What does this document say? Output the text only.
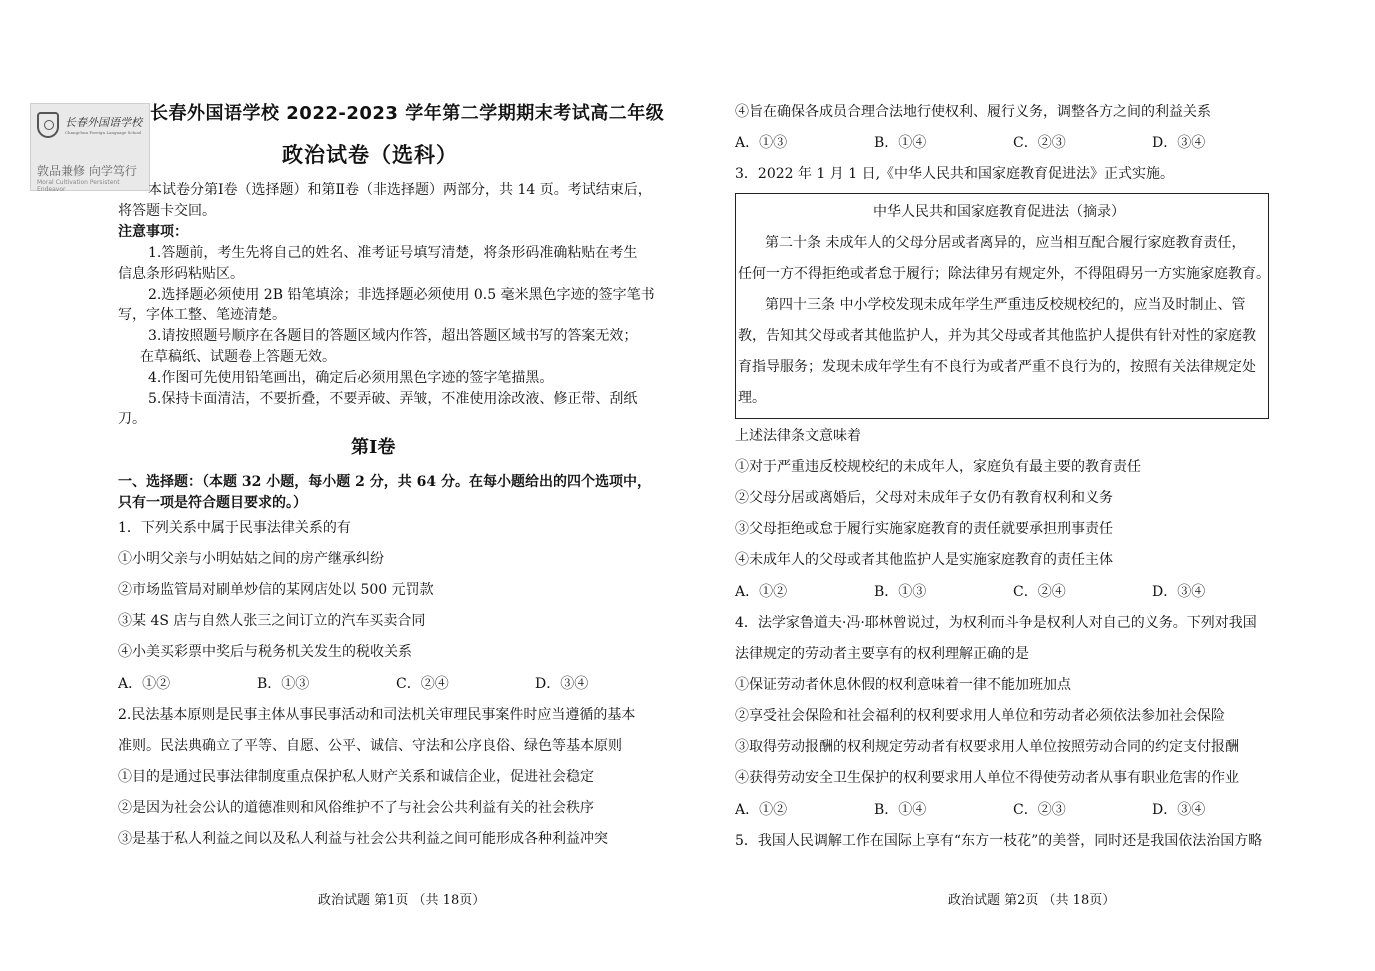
长春外国语学校
Changchun Foreign Language School
敦品兼修 向学笃行
Moral Cultivation Persistent Endeavor
长春外国语学校 2022-2023 学年第二学期期末考试高二年级
政治试卷（选科）
本试卷分第Ⅰ卷（选择题）和第Ⅱ卷（非选择题）两部分，共 14 页。考试结束后，
将答题卡交回。
注意事项：
1.答题前，考生先将自己的姓名、准考证号填写清楚，将条形码准确粘贴在考生
信息条形码粘贴区。
2.选择题必须使用 2B 铅笔填涂；非选择题必须使用 0.5 毫米黑色字迹的签字笔书
写，字体工整、笔迹清楚。
3.请按照题号顺序在各题目的答题区域内作答，超出答题区域书写的答案无效；
在草稿纸、试题卷上答题无效。
4.作图可先使用铅笔画出，确定后必须用黑色字迹的签字笔描黑。
5.保持卡面清洁，不要折叠，不要弄破、弄皱，不准使用涂改液、修正带、刮纸
刀。
第Ⅰ卷
一、选择题：（本题 32 小题，每小题 2 分，共 64 分。在每小题给出的四个选项中，
只有一项是符合题目要求的。）
1．下列关系中属于民事法律关系的有
①小明父亲与小明姑姑之间的房产继承纠纷
②市场监管局对刷单炒信的某网店处以 500 元罚款
③某 4S 店与自然人张三之间订立的汽车买卖合同
④小美买彩票中奖后与税务机关发生的税收关系
A．①②	B．①③	C．②④	D．③④
2.民法基本原则是民事主体从事民事活动和司法机关审理民事案件时应当遵循的基本
准则。民法典确立了平等、自愿、公平、诚信、守法和公序良俗、绿色等基本原则
①目的是通过民事法律制度重点保护私人财产关系和诚信企业，促进社会稳定
②是因为社会公认的道德准则和风俗维护不了与社会公共利益有关的社会秩序
③是基于私人利益之间以及私人利益与社会公共利益之间可能形成各种利益冲突
政治试题 第1页 （共 18页）
④旨在确保各成员合理合法地行使权利、履行义务，调整各方之间的利益关系
A．①③	B．①④	C．②③	D．③④
3．2022 年 1 月 1 日,《中华人民共和国家庭教育促进法》正式实施。
中华人民共和国家庭教育促进法（摘录）
第二十条 未成年人的父母分居或者离异的，应当相互配合履行家庭教育责任，
任何一方不得拒绝或者怠于履行；除法律另有规定外，不得阻碍另一方实施家庭教育。
第四十三条 中小学校发现未成年学生严重违反校规校纪的，应当及时制止、管
教，告知其父母或者其他监护人，并为其父母或者其他监护人提供有针对性的家庭教
育指导服务；发现未成年学生有不良行为或者严重不良行为的，按照有关法律规定处
理。
上述法律条文意味着
①对于严重违反校规校纪的未成年人，家庭负有最主要的教育责任
②父母分居或离婚后，父母对未成年子女仍有教育权利和义务
③父母拒绝或怠于履行实施家庭教育的责任就要承担刑事责任
④未成年人的父母或者其他监护人是实施家庭教育的责任主体
A．①②	B．①③	C．②④	D．③④
4．法学家鲁道夫·冯·耶林曾说过，为权利而斗争是权利人对自己的义务。下列对我国
法律规定的劳动者主要享有的权利理解正确的是
①保证劳动者休息休假的权利意味着一律不能加班加点
②享受社会保险和社会福利的权利要求用人单位和劳动者必须依法参加社会保险
③取得劳动报酬的权利规定劳动者有权要求用人单位按照劳动合同的约定支付报酬
④获得劳动安全卫生保护的权利要求用人单位不得使劳动者从事有职业危害的作业
A．①②	B．①④	C．②③	D．③④
5．我国人民调解工作在国际上享有“东方一枝花”的美誉，同时还是我国依法治国方略
政治试题 第2页 （共 18页）
